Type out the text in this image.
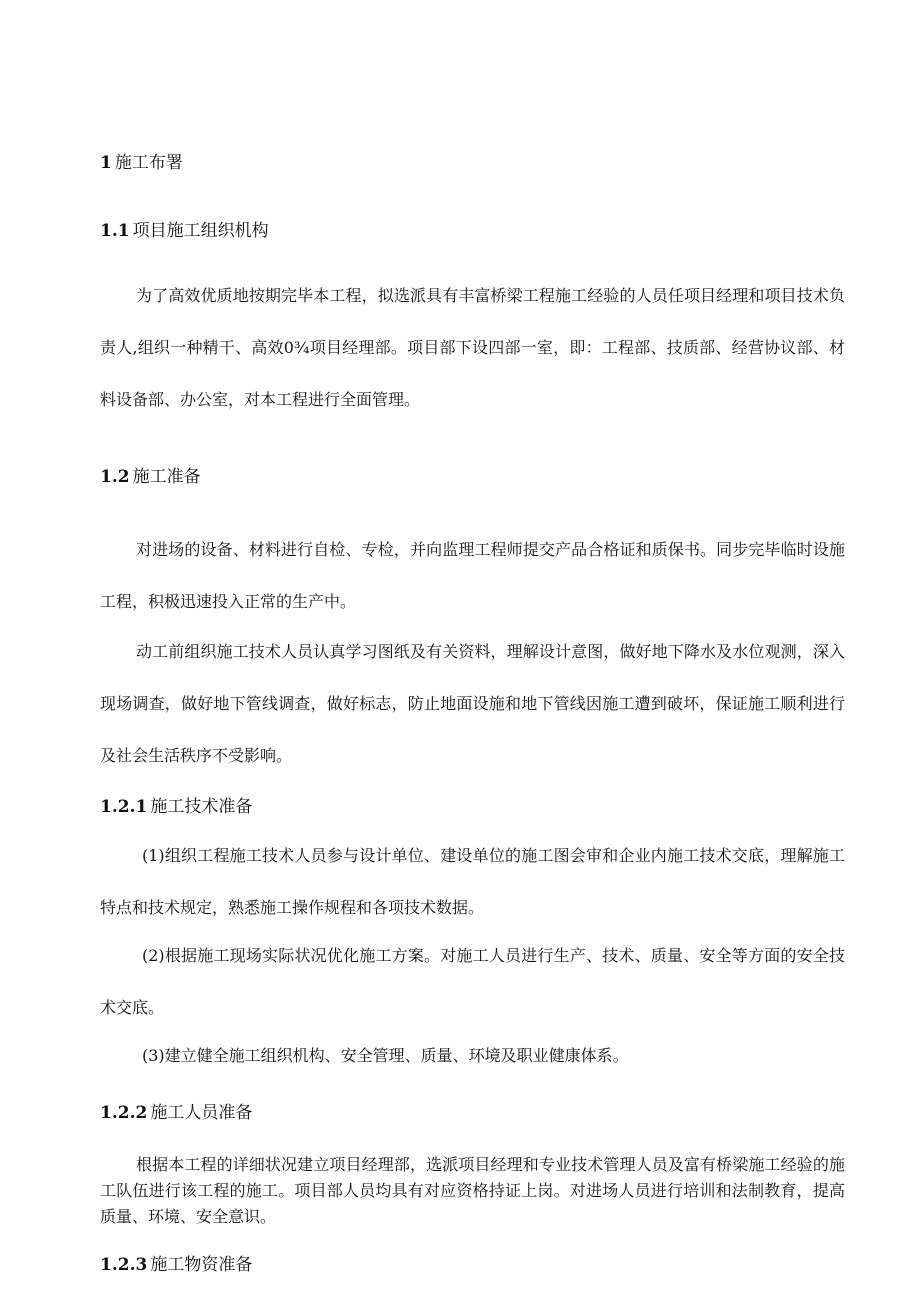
1 施工布署
1.1 项目施工组织机构
为了高效优质地按期完毕本工程，拟选派具有丰富桥梁工程施工经验的人员任项目经理和项目技术负责人,组织一种精干、高效0¾项目经理部。项目部下设四部一室，即：工程部、技质部、经营协议部、材料设备部、办公室，对本工程进行全面管理。
1.2 施工准备
对进场的设备、材料进行自检、专检，并向监理工程师提交产品合格证和质保书。同步完毕临时设施工程，积极迅速投入正常的生产中。
动工前组织施工技术人员认真学习图纸及有关资料，理解设计意图，做好地下降水及水位观测，深入现场调查，做好地下管线调查，做好标志，防止地面设施和地下管线因施工遭到破坏，保证施工顺利进行及社会生活秩序不受影响。
1.2.1 施工技术准备
(1)组织工程施工技术人员参与设计单位、建设单位的施工图会审和企业内施工技术交底，理解施工特点和技术规定，熟悉施工操作规程和各项技术数据。
(2)根据施工现场实际状况优化施工方案。对施工人员进行生产、技术、质量、安全等方面的安全技术交底。
(3)建立健全施工组织机构、安全管理、质量、环境及职业健康体系。
1.2.2 施工人员准备
根据本工程的详细状况建立项目经理部，选派项目经理和专业技术管理人员及富有桥梁施工经验的施工队伍进行该工程的施工。项目部人员均具有对应资格持证上岗。对进场人员进行培训和法制教育，提高质量、环境、安全意识。
1.2.3 施工物资准备
